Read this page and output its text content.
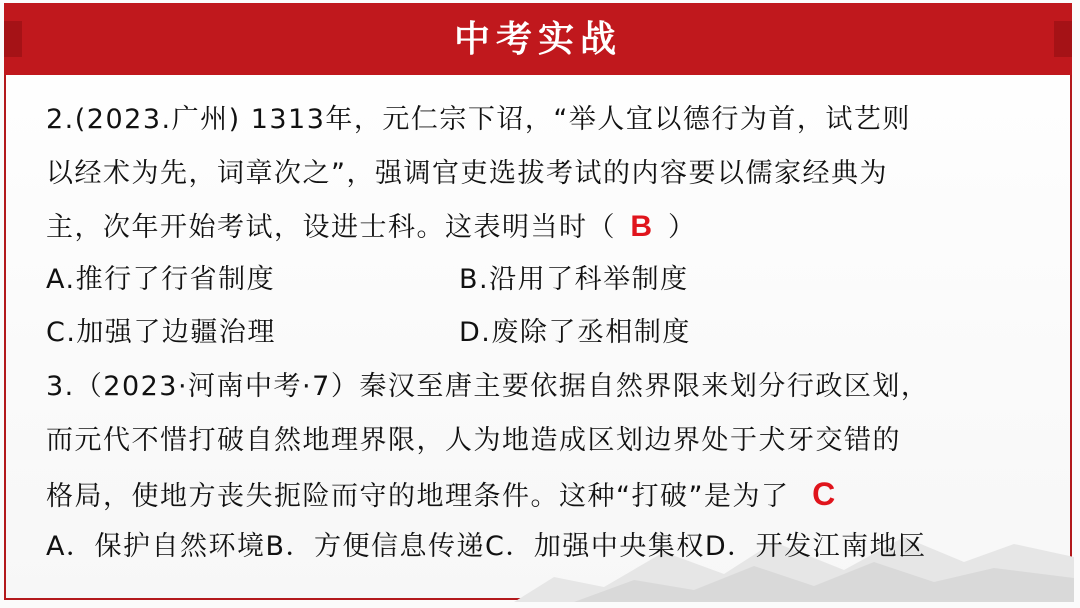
中考实战
2.(2023.广州) 1313年，元仁宗下诏，“举人宜以德行为首，试艺则
以经术为先，词章次之”，强调官吏选拔考试的内容要以儒家经典为
主，次年开始考试，设进士科。这表明当时（ B ）
A.推行了行省制度	B.沿用了科举制度
C.加强了边疆治理	D.废除了丞相制度
3.（2023·河南中考·7）秦汉至唐主要依据自然界限来划分行政区划，
而元代不惜打破自然地理界限，人为地造成区划边界处于犬牙交错的
格局，使地方丧失扼险而守的地理条件。这种“打破”是为了 C
A．保护自然环境B．方便信息传递C．加强中央集权D．开发江南地区
